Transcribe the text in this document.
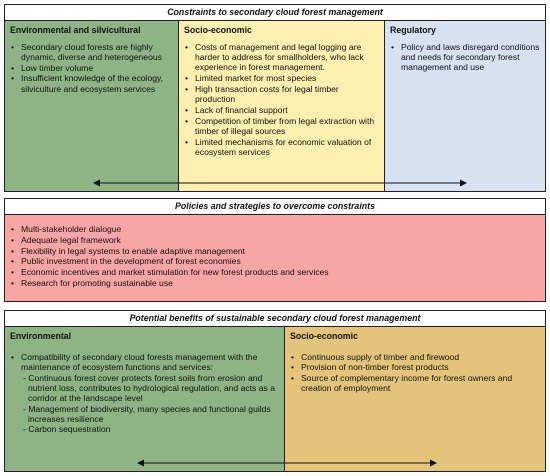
Constraints to secondary cloud forest management
Environmental and silvicultural
• Secondary cloud forests are highly dynamic, diverse and heterogeneous
• Low timber volume
• Insufficient knowledge of the ecology, silviculture and ecosystem services
Socio-economic
• Costs of management and legal logging are harder to address for smallholders, who lack experience in forest management.
• Limited market for most species
• High transaction costs for legal timber production
• Lack of financial support
• Competition of timber from legal extraction with timber of illegal sources
• Limited mechanisms for economic valuation of ecosystem services
Regulatory
• Policy and laws disregard conditions and needs for secondary forest management and use
Policies and strategies to overcome constraints
• Multi-stakeholder dialogue
• Adequate legal framework
• Flexibility in legal systems to enable adaptive management
• Public investment in the development of forest economies
• Economic incentives and market stimulation for new forest products and services
• Research for promoting sustainable use
Potential benefits of sustainable secondary cloud forest management
Environmental
• Compatibility of secondary cloud forests management with the maintenance of ecosystem functions and services:
- Continuous forest cover protects forest soils from erosion and nutrient loss, contributes to hydrological regulation, and acts as a corridor at the landscape level
- Management of biodiversity, many species and functional guilds increases resilience
- Carbon sequestration
Socio-economic
• Continuous supply of timber and firewood
• Provision of non-timber forest products
• Source of complementary income for forest owners and creation of employment
